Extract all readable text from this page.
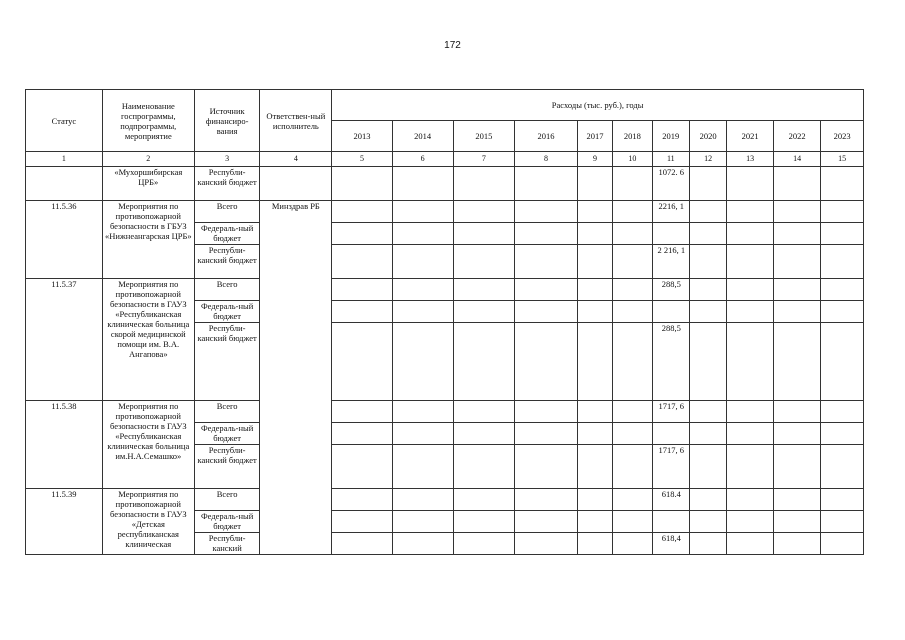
172
Статус	Наименование госпрограммы, подпрограммы, мероприятие	Источник финансиро-вания	Ответствен-ный исполнитель	Расходы (тыс. руб.), годы										
				2013	2014	2015	2016	2017	2018	2019	2020	2021	2022	2023
1	2	3	4	5	6	7	8	9	10	11	12	13	14	15
	«Мухоршибирская ЦРБ»	Республи-канский бюджет								1072. 6				
11.5.36	Мероприятия по противопожарной безопасности в ГБУЗ «Нижнеангарская ЦРБ»	Всего	Минздрав РБ							2216, 1				
		Федераль-ный бюджет												
		Республи-канский бюджет								2 216, 1				
11.5.37	Мероприятия по противопожарной безопасности в ГАУЗ «Республиканская клиническая больница скорой медицинской помощи им. В.А. Ангапова»	Всего								288,5				
		Федераль-ный бюджет												
		Республи-канский бюджет								288,5				
11.5.38	Мероприятия по противопожарной безопасности в ГАУЗ «Республиканская клиническая больница им.Н.А.Семашко»	Всего								1717, 6				
		Федераль-ный бюджет												
		Республи-канский бюджет								1717, 6				
11.5.39	Мероприятия по противопожарной безопасности в ГАУЗ «Детская республиканская клиническая	Всего								618.4				
		Федераль-ный бюджет												
		Республи-канский								618,4				
